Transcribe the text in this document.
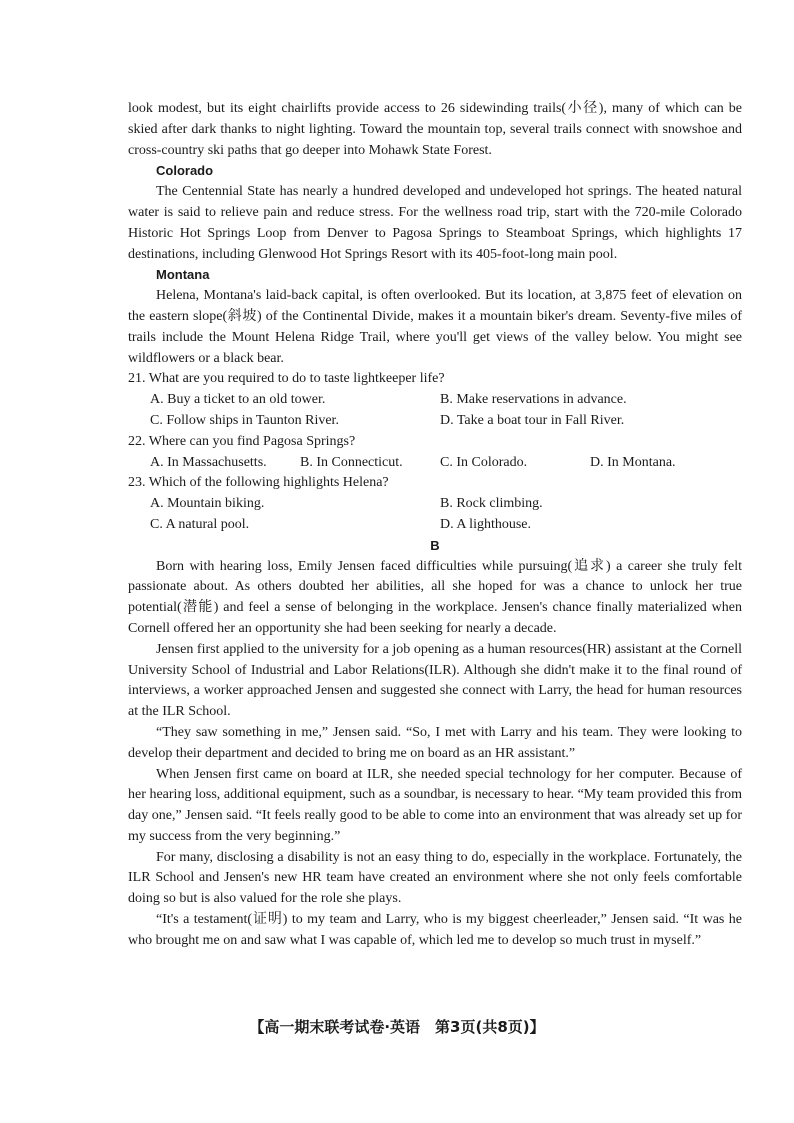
look modest, but its eight chairlifts provide access to 26 sidewinding trails(小径), many of which can be skied after dark thanks to night lighting. Toward the mountain top, several trails connect with snowshoe and cross-country ski paths that go deeper into Mohawk State Forest.

Colorado

The Centennial State has nearly a hundred developed and undeveloped hot springs. The heated natural water is said to relieve pain and reduce stress. For the wellness road trip, start with the 720-mile Colorado Historic Hot Springs Loop from Denver to Pagosa Springs to Steamboat Springs, which highlights 17 destinations, including Glenwood Hot Springs Resort with its 405-foot-long main pool.

Montana

Helena, Montana's laid-back capital, is often overlooked. But its location, at 3,875 feet of elevation on the eastern slope(斜坡) of the Continental Divide, makes it a mountain biker's dream. Seventy-five miles of trails include the Mount Helena Ridge Trail, where you'll get views of the valley below. You might see wildflowers or a black bear.

21. What are you required to do to taste lightkeeper life?

A. Buy a ticket to an old tower.	B. Make reservations in advance.
C. Follow ships in Taunton River.	D. Take a boat tour in Fall River.

22. Where can you find Pagosa Springs?

A. In Massachusetts.	B. In Connecticut.	C. In Colorado.	D. In Montana.

23. Which of the following highlights Helena?

A. Mountain biking.	B. Rock climbing.
C. A natural pool.	D. A lighthouse.

B

Born with hearing loss, Emily Jensen faced difficulties while pursuing(追求) a career she truly felt passionate about. As others doubted her abilities, all she hoped for was a chance to unlock her true potential(潜能) and feel a sense of belonging in the workplace. Jensen's chance finally materialized when Cornell offered her an opportunity she had been seeking for nearly a decade.

Jensen first applied to the university for a job opening as a human resources(HR) assistant at the Cornell University School of Industrial and Labor Relations(ILR). Although she didn't make it to the final round of interviews, a worker approached Jensen and suggested she connect with Larry, the head for human resources at the ILR School.

“They saw something in me,” Jensen said. “So, I met with Larry and his team. They were looking to develop their department and decided to bring me on board as an HR assistant.”

When Jensen first came on board at ILR, she needed special technology for her computer. Because of her hearing loss, additional equipment, such as a soundbar, is necessary to hear. “My team provided this from day one,” Jensen said. “It feels really good to be able to come into an environment that was already set up for my success from the very beginning.”

For many, disclosing a disability is not an easy thing to do, especially in the workplace. Fortunately, the ILR School and Jensen's new HR team have created an environment where she not only feels comfortable doing so but is also valued for the role she plays.

“It's a testament(证明) to my team and Larry, who is my biggest cheerleader,” Jensen said. “It was he who brought me on and saw what I was capable of, which led me to develop so much trust in myself.”

【高一期末联考试卷·英语　第3页(共8页)】
